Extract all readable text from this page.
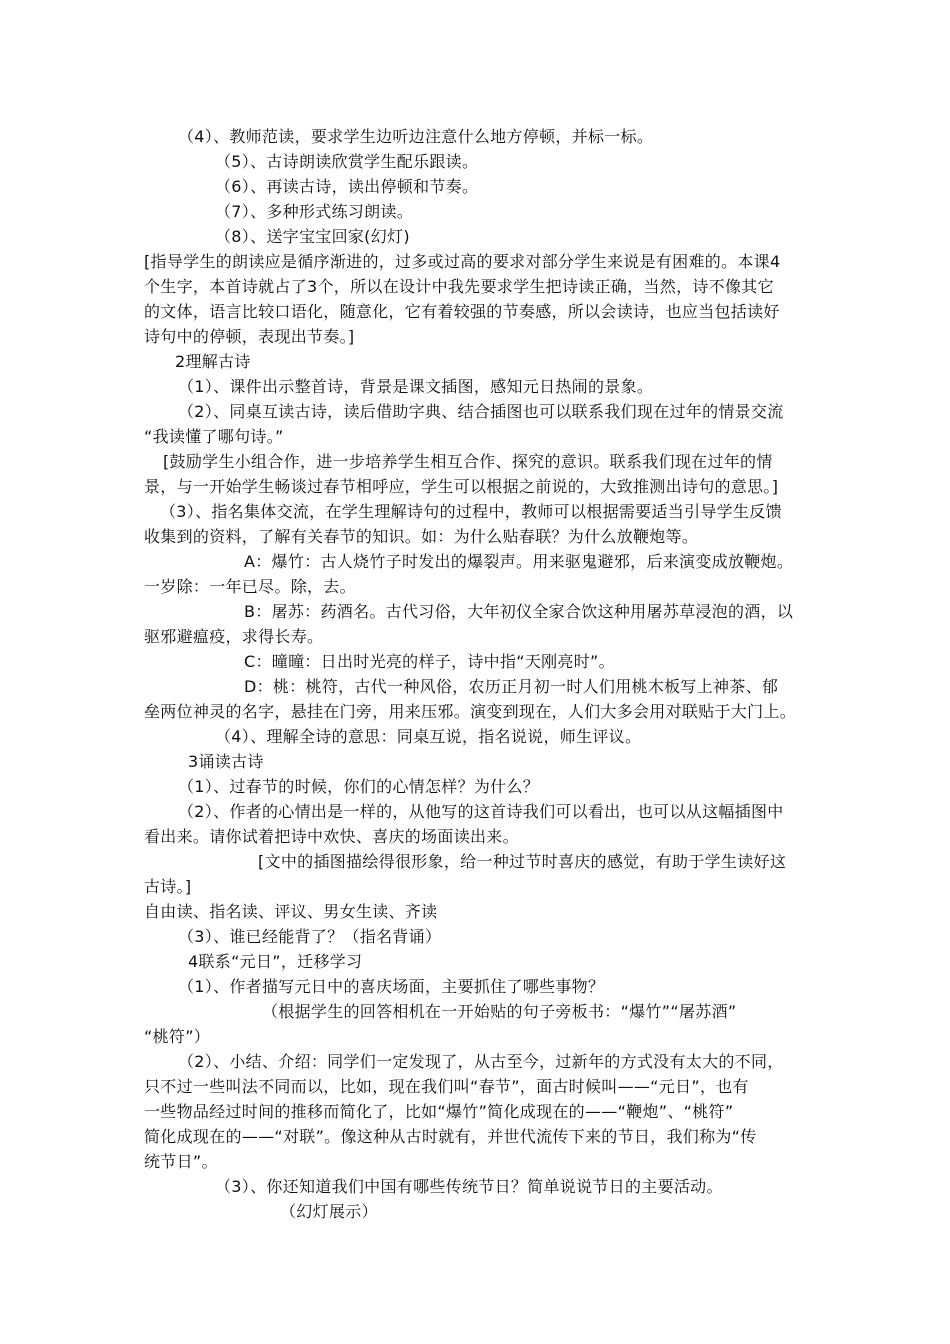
（4）、教师范读，要求学生边听边注意什么地方停顿，并标一标。
（5）、古诗朗读欣赏学生配乐跟读。
（6）、再读古诗，读出停顿和节奏。
（7）、多种形式练习朗读。
（8）、送字宝宝回家(幻灯)
[指导学生的朗读应是循序渐进的，过多或过高的要求对部分学生来说是有困难的。本课4
个生字，本首诗就占了3个，所以在设计中我先要求学生把诗读正确，当然，诗不像其它
的文体，语言比较口语化，随意化，它有着较强的节奏感，所以会读诗，也应当包括读好
诗句中的停顿，表现出节奏。]
2理解古诗
（1）、课件出示整首诗，背景是课文插图，感知元日热闹的景象。
（2）、同桌互读古诗，读后借助字典、结合插图也可以联系我们现在过年的情景交流
“我读懂了哪句诗。”
[鼓励学生小组合作，进一步培养学生相互合作、探究的意识。联系我们现在过年的情
景，与一开始学生畅谈过春节相呼应，学生可以根据之前说的，大致推测出诗句的意思。]
（3）、指名集体交流，在学生理解诗句的过程中，教师可以根据需要适当引导学生反馈
收集到的资料，了解有关春节的知识。如：为什么贴春联？为什么放鞭炮等。
A：爆竹：古人烧竹子时发出的爆裂声。用来驱鬼避邪，后来演变成放鞭炮。
一岁除：一年已尽。除，去。
B：屠苏：药酒名。古代习俗，大年初仪全家合饮这种用屠苏草浸泡的酒，以
驱邪避瘟疫，求得长寿。
C：曈曈：日出时光亮的样子，诗中指“天刚亮时”。
D：桃：桃符，古代一种风俗，农历正月初一时人们用桃木板写上神茶、郁
垒两位神灵的名字，悬挂在门旁，用来压邪。演变到现在，人们大多会用对联贴于大门上。
（4）、理解全诗的意思：同桌互说，指名说说，师生评议。
3诵读古诗
（1）、过春节的时候，你们的心情怎样？为什么？
（2）、作者的心情出是一样的，从他写的这首诗我们可以看出，也可以从这幅插图中
看出来。请你试着把诗中欢快、喜庆的场面读出来。
[文中的插图描绘得很形象，给一种过节时喜庆的感觉，有助于学生读好这
古诗。]
自由读、指名读、评议、男女生读、齐读
（3）、谁已经能背了？（指名背诵）
4联系“元日”，迁移学习
（1）、作者描写元日中的喜庆场面，主要抓住了哪些事物？
（根据学生的回答相机在一开始贴的句子旁板书：“爆竹”“屠苏酒”
“桃符”）
（2）、小结、介绍：同学们一定发现了，从古至今，过新年的方式没有太大的不同，
只不过一些叫法不同而以，比如，现在我们叫“春节”，面古时候叫——“元日”，也有
一些物品经过时间的推移而简化了，比如“爆竹”简化成现在的——“鞭炮”、“桃符”
简化成现在的——“对联”。像这种从古时就有，并世代流传下来的节日，我们称为“传
统节日”。
（3）、你还知道我们中国有哪些传统节日？简单说说节日的主要活动。
（幻灯展示）
